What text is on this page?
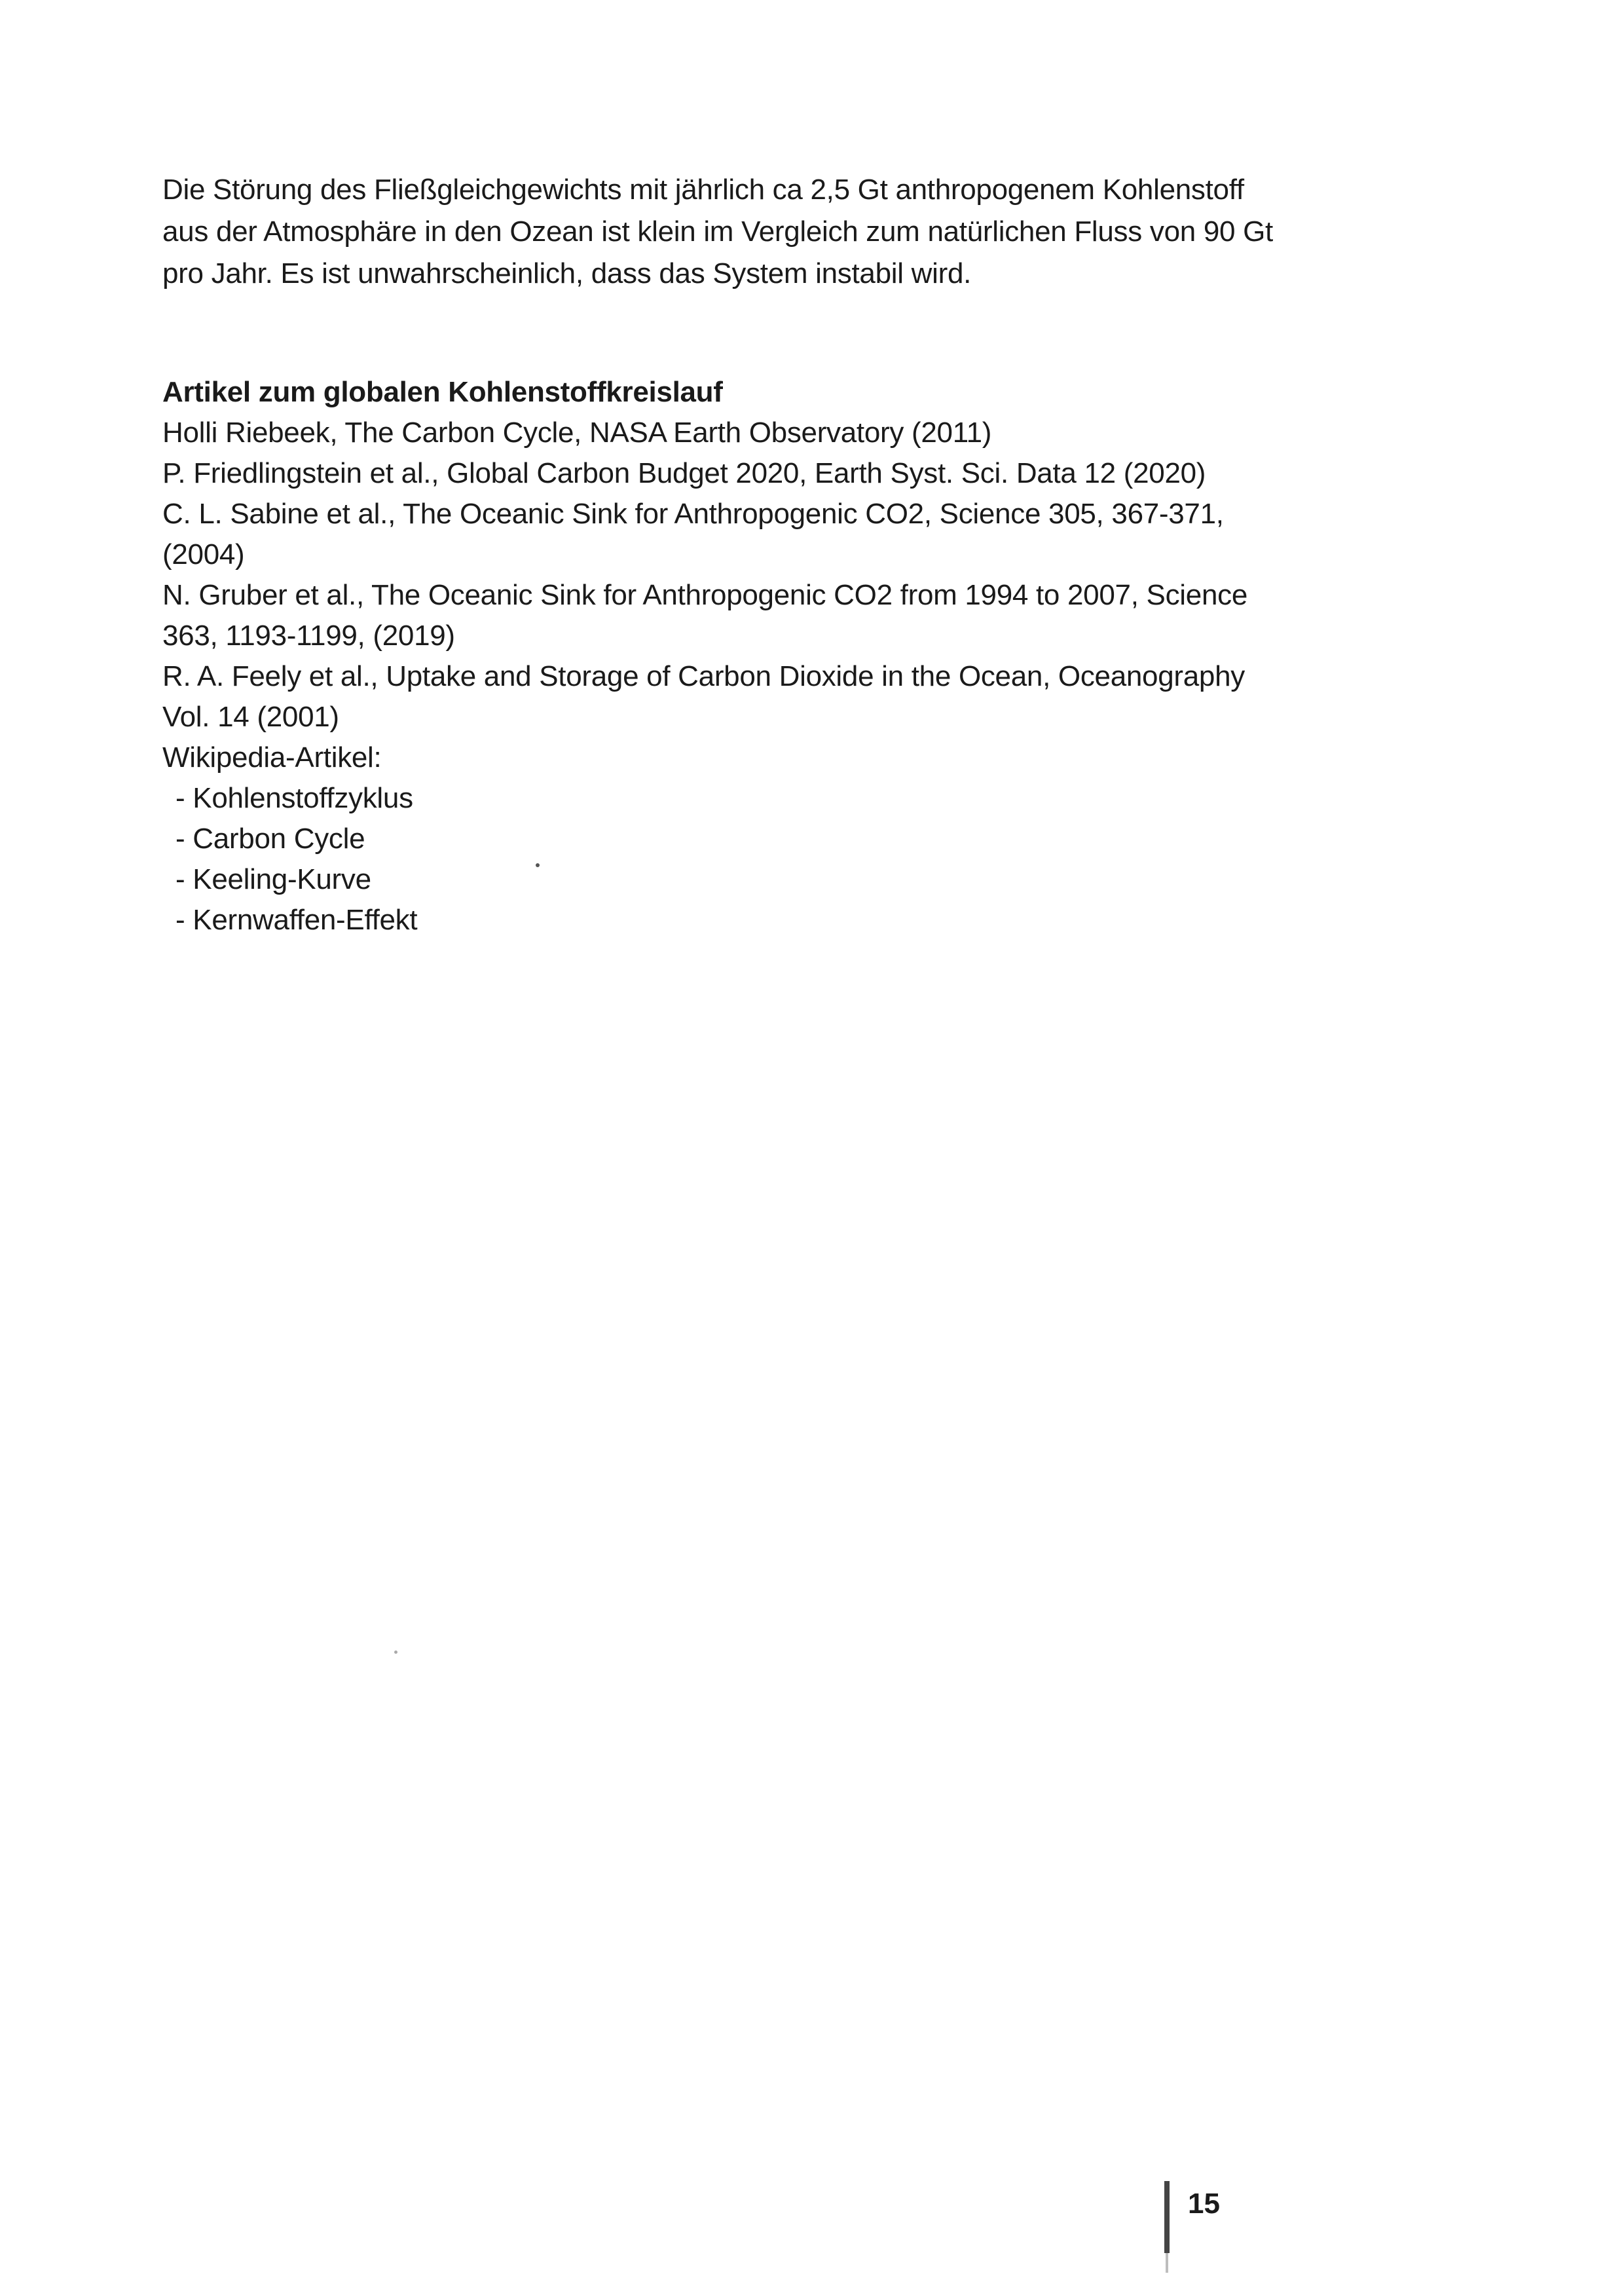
Die Störung des Fließgleichgewichts mit jährlich ca 2,5 Gt anthropogenem Kohlenstoff
aus der Atmosphäre in den Ozean ist klein im Vergleich zum natürlichen Fluss von 90 Gt
pro Jahr. Es ist unwahrscheinlich, dass das System instabil wird.

Artikel zum globalen Kohlenstoffkreislauf
Holli Riebeek, The Carbon Cycle, NASA Earth Observatory (2011)
P. Friedlingstein et al., Global Carbon Budget 2020, Earth Syst. Sci. Data 12 (2020)
C. L. Sabine et al., The Oceanic Sink for Anthropogenic CO2, Science 305, 367-371,
(2004)
N. Gruber et al., The Oceanic Sink for Anthropogenic CO2 from 1994 to 2007, Science
363, 1193-1199, (2019)
R. A. Feely et al., Uptake and Storage of Carbon Dioxide in the Ocean, Oceanography
Vol. 14 (2001)
Wikipedia-Artikel:
- Kohlenstoffzyklus
- Carbon Cycle
- Keeling-Kurve
- Kernwaffen-Effekt
15
